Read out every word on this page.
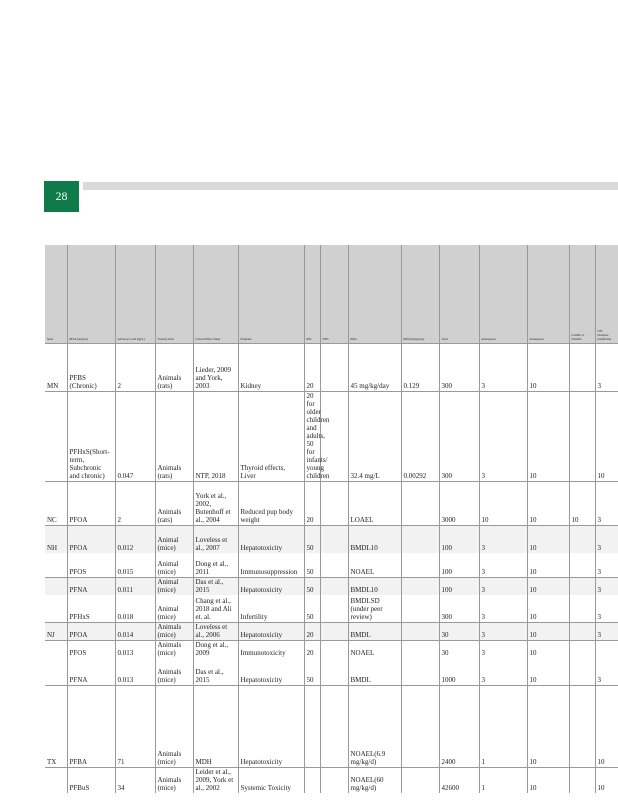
28
State	PFAS (analyte)	Advisory Level (ng/L)	Toxicity Data	Critical Effect Study	Endpoint	RSC	DWI	POD	RfD (mg/kg/day)	Total	Interspecies	Intraspecies	LOAEL to NOAEL	UFs
Database insufficient
MN	PFBS (Chronic)	2	Animals (rats)	Lieder, 2009 and York, 2003	Kidney	20		45 mg/kg/day	0.129	300	3	10		3
	PFHxS(Short-term, Subchronic and chronic)	0.047	Animals (rats)	NTP, 2018	Thyroid effects, Liver	20 for older children and adults, 50 for infants/ young children		32.4 mg/L	0.00292	300	3	10		10
NC	PFOA	2	Animals (rats)	York et al., 2002, Butenhoff et al., 2004	Reduced pup body weight	20		LOAEL		3000	10	10	10	3
NH	PFOA	0.012	Animal (mice)	Loveless et al., 2007	Hepatotoxicity	50		BMDL10		100	3	10		3
	PFOS	0.015	Animal (mice)	Dong et al., 2011	Immunosuppression	50		NOAEL		100	3	10		3
	PFNA	0.011	Animal (mice)	Das et al., 2015	Hepatotoxicity	50		BMDL10		100	3	10		3
	PFHxS	0.018	Animal (mice)	Chang et al., 2018 and Ali et. al.	Infertility	50		BMDLSD (under peer review)		300	3	10		3
NJ	PFOA	0.014	Animals (mice)	Loveless et al., 2006	Hepatotoxicity	20		BMDL		30	3	10		3
	PFOS	0.013	Animals (mice)	Dong et al., 2009	Immunotoxicity	20		NOAEL		30	3	10		
	PFNA	0.013	Animals (mice)	Das et al., 2015	Hepatotoxicity	50		BMDL		1000	3	10		3
TX	PFBA	71	Animals (mice)	MDH	Hepatotoxicity			NOAEL(6.9 mg/kg/d)		2400	1	10		10
	PFBuS	34	Animals (mice)	Leider et al., 2009, York et al., 2002	Systemic Toxicity			NOAEL(60 mg/kg/d)		42600	1	10		10
